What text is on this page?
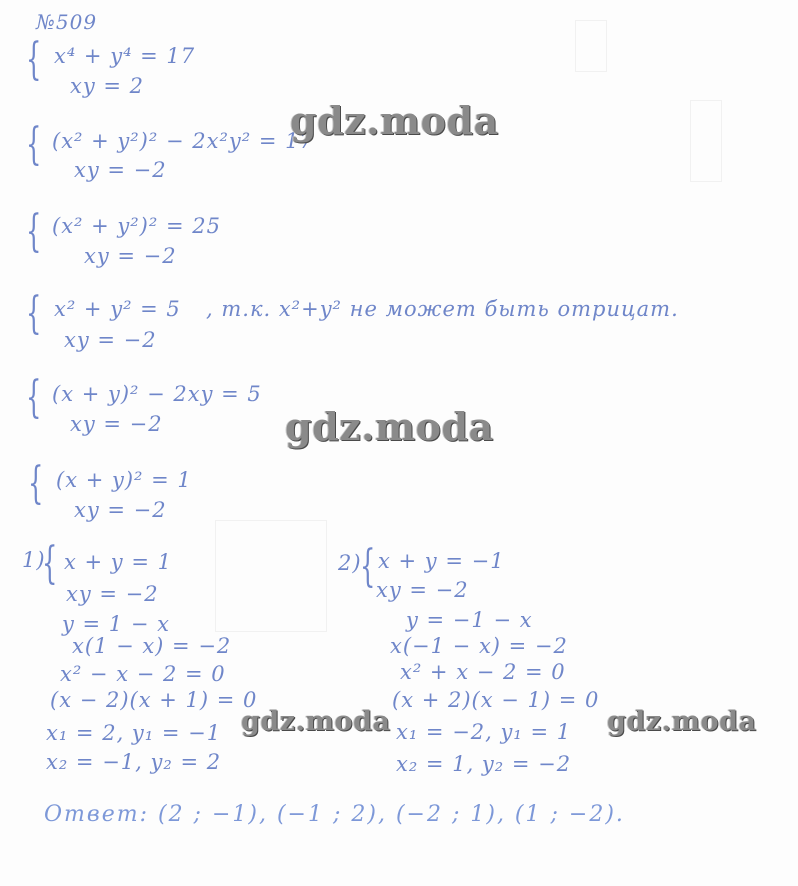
№509
{ x⁴ + y⁴ = 17
xy = 2
{ (x² + y²)² − 2x²y² = 17
xy = −2
{ (x² + y²)² = 25
xy = −2
{ x² + y² = 5
xy = −2
, т.к. x²+y² не может быть отрицат.
{ (x + y)² − 2xy = 5
xy = −2
{ (x + y)² = 1
xy = −2
1)
{ x + y = 1
xy = −2
y = 1 − x
x(1 − x) = −2
x² − x − 2 = 0
(x − 2)(x + 1) = 0
x₁ = 2, y₁ = −1
x₂ = −1, y₂ = 2
2)
{ x + y = −1
xy = −2
y = −1 − x
x(−1 − x) = −2
x² + x − 2 = 0
(x + 2)(x − 1) = 0
x₁ = −2, y₁ = 1
x₂ = 1, y₂ = −2
Ответ: (2 ; −1), (−1 ; 2), (−2 ; 1), (1 ; −2).
gdz.moda
gdz.moda
gdz.moda	gdz.moda
